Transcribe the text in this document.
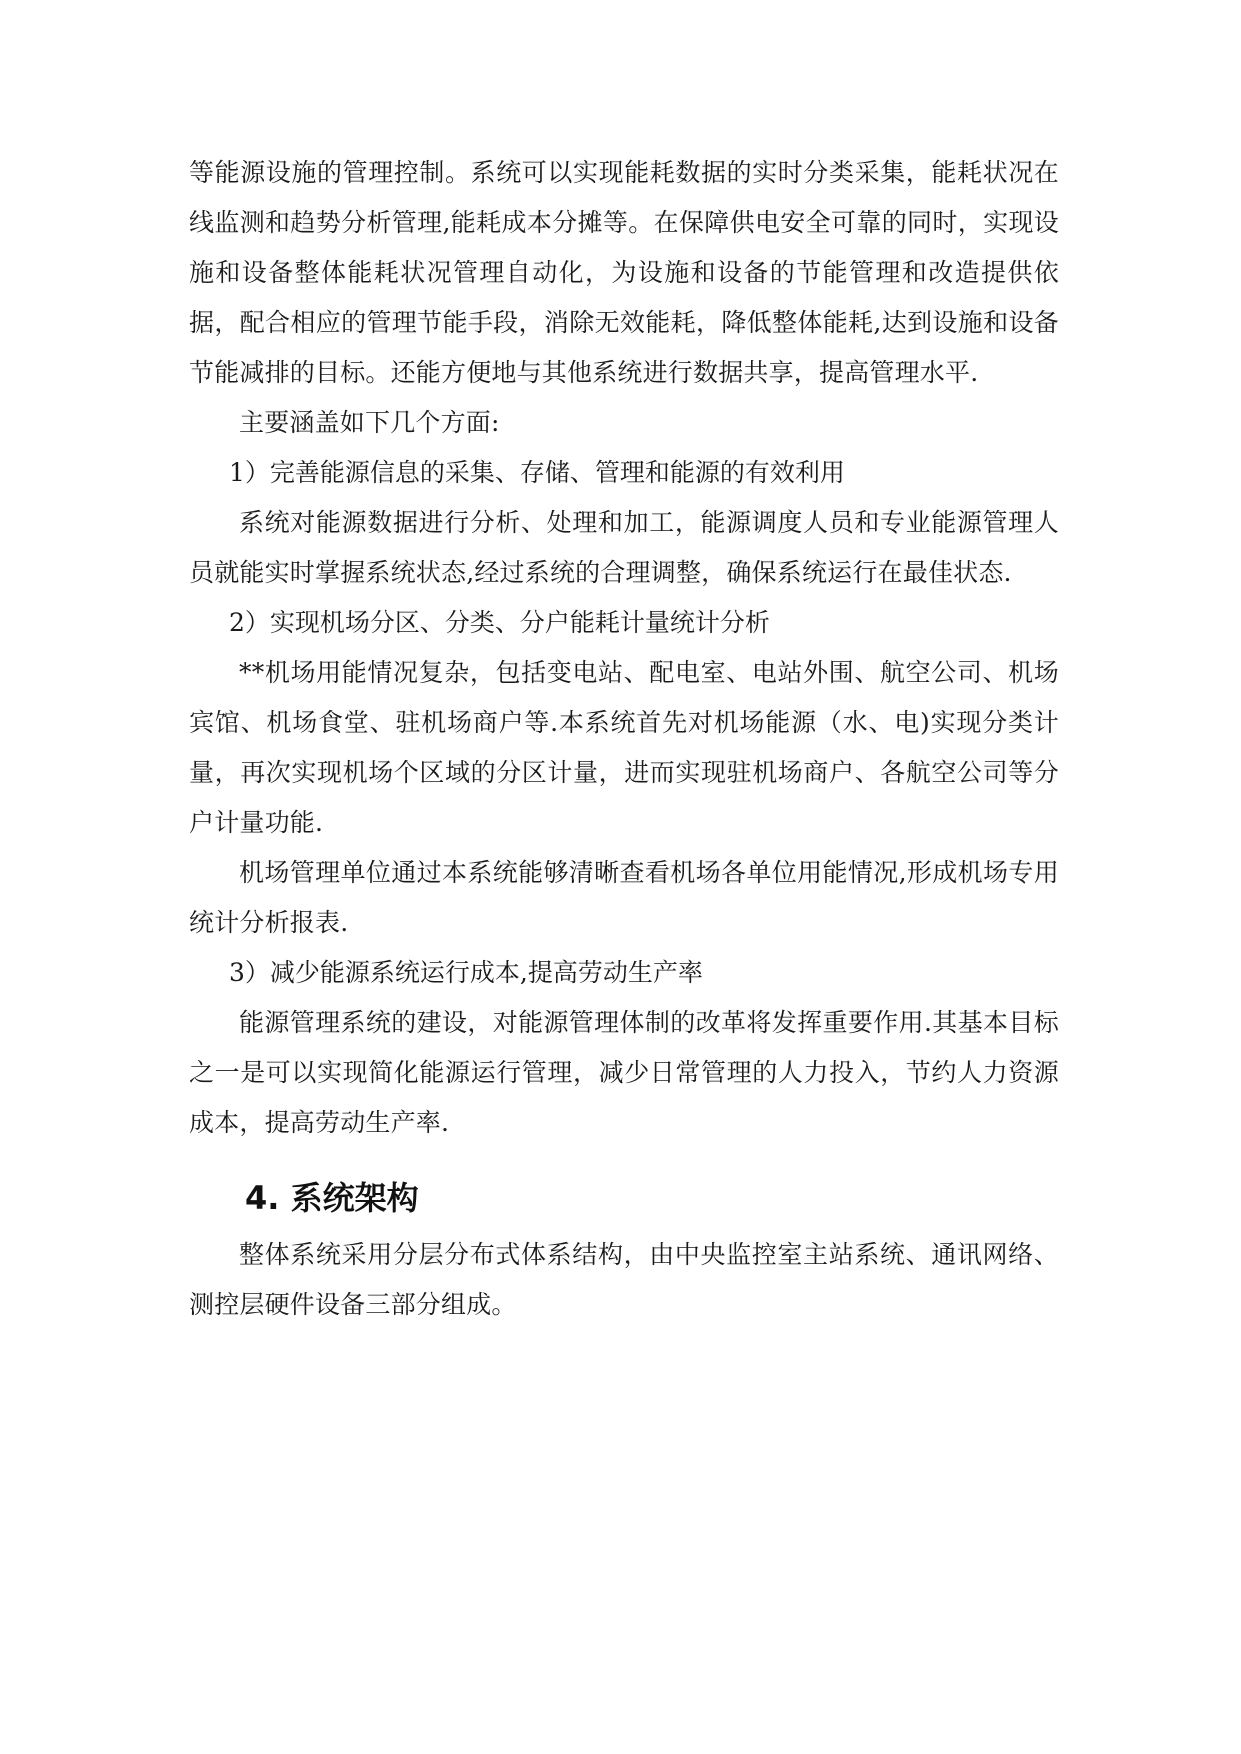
等能源设施的管理控制。系统可以实现能耗数据的实时分类采集，能耗状况在线监测和趋势分析管理,能耗成本分摊等。在保障供电安全可靠的同时，实现设施和设备整体能耗状况管理自动化，为设施和设备的节能管理和改造提供依据，配合相应的管理节能手段，消除无效能耗，降低整体能耗,达到设施和设备节能减排的目标。还能方便地与其他系统进行数据共享，提高管理水平.

主要涵盖如下几个方面:

1）完善能源信息的采集、存储、管理和能源的有效利用

系统对能源数据进行分析、处理和加工，能源调度人员和专业能源管理人员就能实时掌握系统状态,经过系统的合理调整，确保系统运行在最佳状态.

2）实现机场分区、分类、分户能耗计量统计分析

**机场用能情况复杂，包括变电站、配电室、电站外围、航空公司、机场宾馆、机场食堂、驻机场商户等.本系统首先对机场能源（水、电)实现分类计量，再次实现机场个区域的分区计量，进而实现驻机场商户、各航空公司等分户计量功能.

机场管理单位通过本系统能够清晰查看机场各单位用能情况,形成机场专用统计分析报表.

3）减少能源系统运行成本,提高劳动生产率

能源管理系统的建设，对能源管理体制的改革将发挥重要作用.其基本目标之一是可以实现简化能源运行管理，减少日常管理的人力投入，节约人力资源成本，提高劳动生产率.

4. 系统架构

整体系统采用分层分布式体系结构，由中央监控室主站系统、通讯网络、测控层硬件设备三部分组成。
